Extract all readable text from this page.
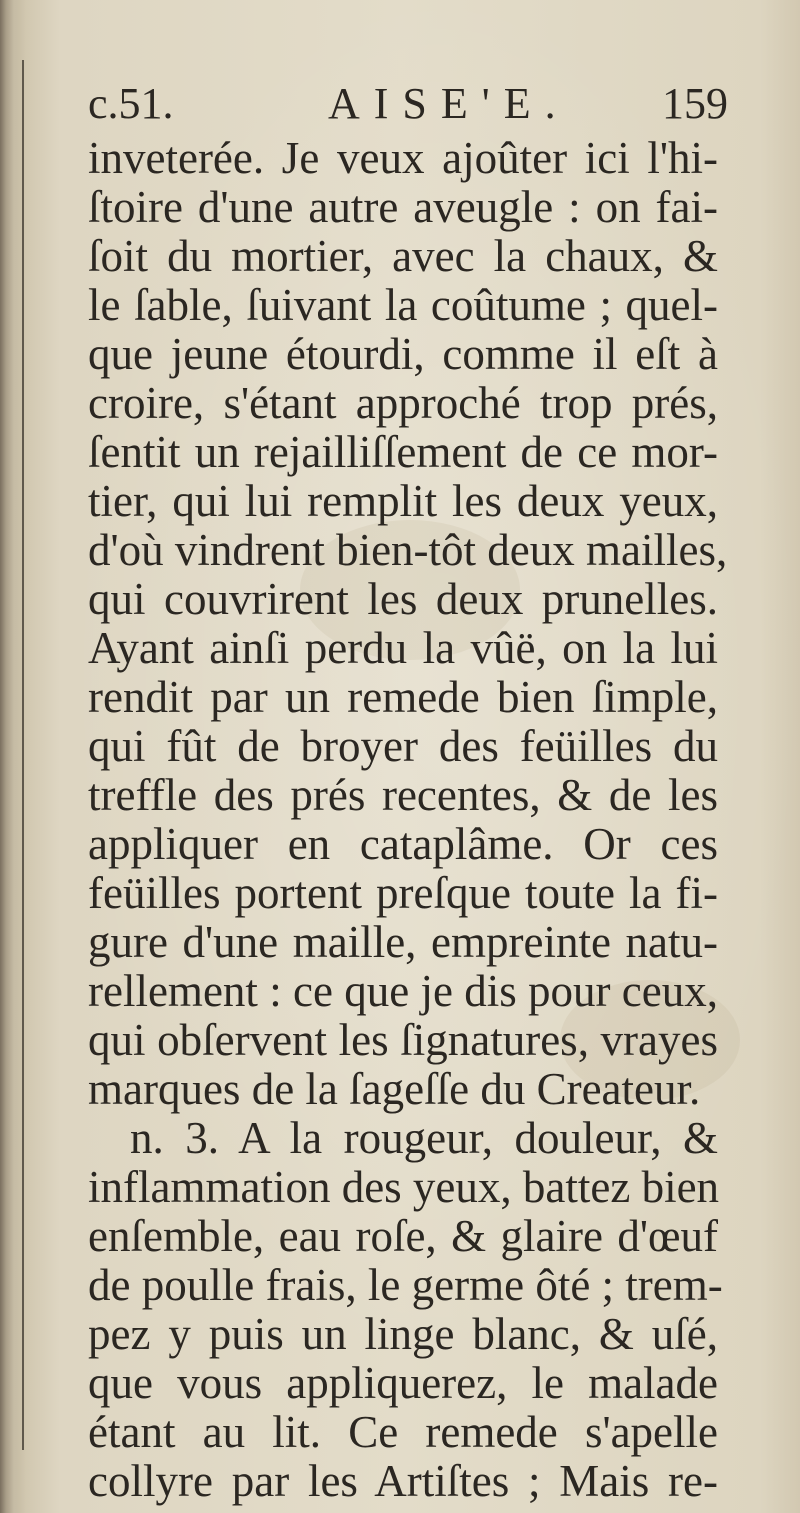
c.51.	AISE'E. 159
inveterée. Je veux ajoûter ici l'hi-
ſtoire d'une autre aveugle : on fai-
ſoit du mortier, avec la chaux, &
le ſable, ſuivant la coûtume ; quel-
que jeune étourdi, comme il eſt à
croire, s'étant approché trop prés,
ſentit un rejailliſſement de ce mor-
tier, qui lui remplit les deux yeux,
d'où vindrent bien-tôt deux mailles,
qui couvrirent les deux prunelles.
Ayant ainſi perdu la vûë, on la lui
rendit par un remede bien ſimple,
qui fût de broyer des feüilles du
treffle des prés recentes, & de les
appliquer en cataplâme. Or ces
feüilles portent preſque toute la fi-
gure d'une maille, empreinte natu-
rellement : ce que je dis pour ceux,
qui obſervent les ſignatures, vrayes
marques de la ſageſſe du Createur.
n. 3. A la rougeur, douleur, &
inflammation des yeux, battez bien
enſemble, eau roſe, & glaire d'œuf
de poulle frais, le germe ôté ; trem-
pez y puis un linge blanc, & uſé,
que vous appliquerez, le malade
étant au lit. Ce remede s'apelle
collyre par les Artiſtes ; Mais re-
